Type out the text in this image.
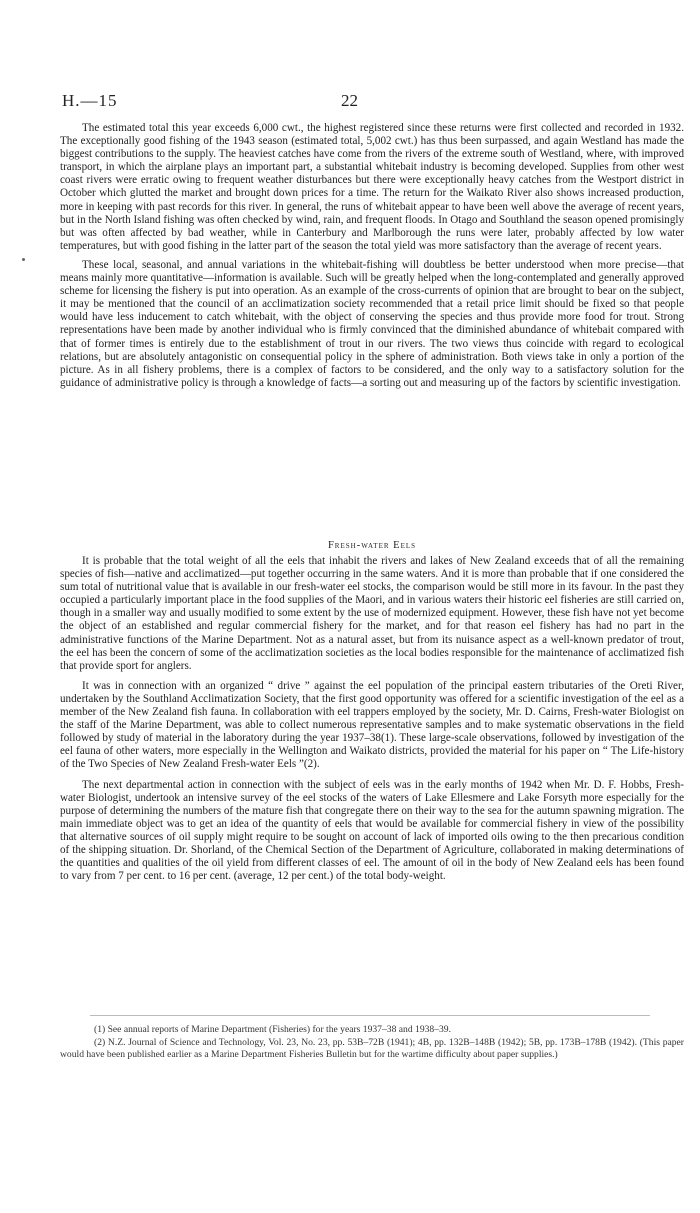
H.—15	22

The estimated total this year exceeds 6,000 cwt., the highest registered since these returns were first collected and recorded in 1932. The exceptionally good fishing of the 1943 season (estimated total, 5,002 cwt.) has thus been surpassed, and again Westland has made the biggest contributions to the supply. The heaviest catches have come from the rivers of the extreme south of Westland, where, with improved transport, in which the airplane plays an important part, a substantial whitebait industry is becoming developed. Supplies from other west coast rivers were erratic owing to frequent weather disturbances but there were exceptionally heavy catches from the Westport district in October which glutted the market and brought down prices for a time. The return for the Waikato River also shows increased production, more in keeping with past records for this river. In general, the runs of whitebait appear to have been well above the average of recent years, but in the North Island fishing was often checked by wind, rain, and frequent floods. In Otago and Southland the season opened promisingly but was often affected by bad weather, while in Canterbury and Marlborough the runs were later, probably affected by low water temperatures, but with good fishing in the latter part of the season the total yield was more satisfactory than the average of recent years.

These local, seasonal, and annual variations in the whitebait-fishing will doubtless be better understood when more precise—that means mainly more quantitative—information is available. Such will be greatly helped when the long-contemplated and generally approved scheme for licensing the fishery is put into operation. As an example of the cross-currents of opinion that are brought to bear on the subject, it may be mentioned that the council of an acclimatization society recommended that a retail price limit should be fixed so that people would have less inducement to catch whitebait, with the object of conserving the species and thus provide more food for trout. Strong representations have been made by another individual who is firmly convinced that the diminished abundance of whitebait compared with that of former times is entirely due to the establishment of trout in our rivers. The two views thus coincide with regard to ecological relations, but are absolutely antagonistic on consequential policy in the sphere of administration. Both views take in only a portion of the picture. As in all fishery problems, there is a complex of factors to be considered, and the only way to a satisfactory solution for the guidance of administrative policy is through a knowledge of facts—a sorting out and measuring up of the factors by scientific investigation.

Fresh-water Eels

It is probable that the total weight of all the eels that inhabit the rivers and lakes of New Zealand exceeds that of all the remaining species of fish—native and acclimatized—put together occurring in the same waters. And it is more than probable that if one considered the sum total of nutritional value that is available in our fresh-water eel stocks, the comparison would be still more in its favour. In the past they occupied a particularly important place in the food supplies of the Maori, and in various waters their historic eel fisheries are still carried on, though in a smaller way and usually modified to some extent by the use of modernized equipment. However, these fish have not yet become the object of an established and regular commercial fishery for the market, and for that reason eel fishery has had no part in the administrative functions of the Marine Department. Not as a natural asset, but from its nuisance aspect as a well-known predator of trout, the eel has been the concern of some of the acclimatization societies as the local bodies responsible for the maintenance of acclimatized fish that provide sport for anglers.

It was in connection with an organized “ drive ” against the eel population of the principal eastern tributaries of the Oreti River, undertaken by the Southland Acclimatization Society, that the first good opportunity was offered for a scientific investigation of the eel as a member of the New Zealand fish fauna. In collaboration with eel trappers employed by the society, Mr. D. Cairns, Fresh-water Biologist on the staff of the Marine Department, was able to collect numerous representative samples and to make systematic observations in the field followed by study of material in the laboratory during the year 1937–38(1). These large-scale observations, followed by investigation of the eel fauna of other waters, more especially in the Wellington and Waikato districts, provided the material for his paper on “ The Life-history of the Two Species of New Zealand Fresh-water Eels ”(2).

The next departmental action in connection with the subject of eels was in the early months of 1942 when Mr. D. F. Hobbs, Fresh-water Biologist, undertook an intensive survey of the eel stocks of the waters of Lake Ellesmere and Lake Forsyth more especially for the purpose of determining the numbers of the mature fish that congregate there on their way to the sea for the autumn spawning migration. The main immediate object was to get an idea of the quantity of eels that would be available for commercial fishery in view of the possibility that alternative sources of oil supply might require to be sought on account of lack of imported oils owing to the then precarious condition of the shipping situation. Dr. Shorland, of the Chemical Section of the Department of Agriculture, collaborated in making determinations of the quantities and qualities of the oil yield from different classes of eel. The amount of oil in the body of New Zealand eels has been found to vary from 7 per cent. to 16 per cent. (average, 12 per cent.) of the total body-weight.

(1) See annual reports of Marine Department (Fisheries) for the years 1937–38 and 1938–39.

(2) N.Z. Journal of Science and Technology, Vol. 23, No. 23, pp. 53B–72B (1941); 4B, pp. 132B–148B (1942); 5B, pp. 173B–178B (1942). (This paper would have been published earlier as a Marine Department Fisheries Bulletin but for the wartime difficulty about paper supplies.)
